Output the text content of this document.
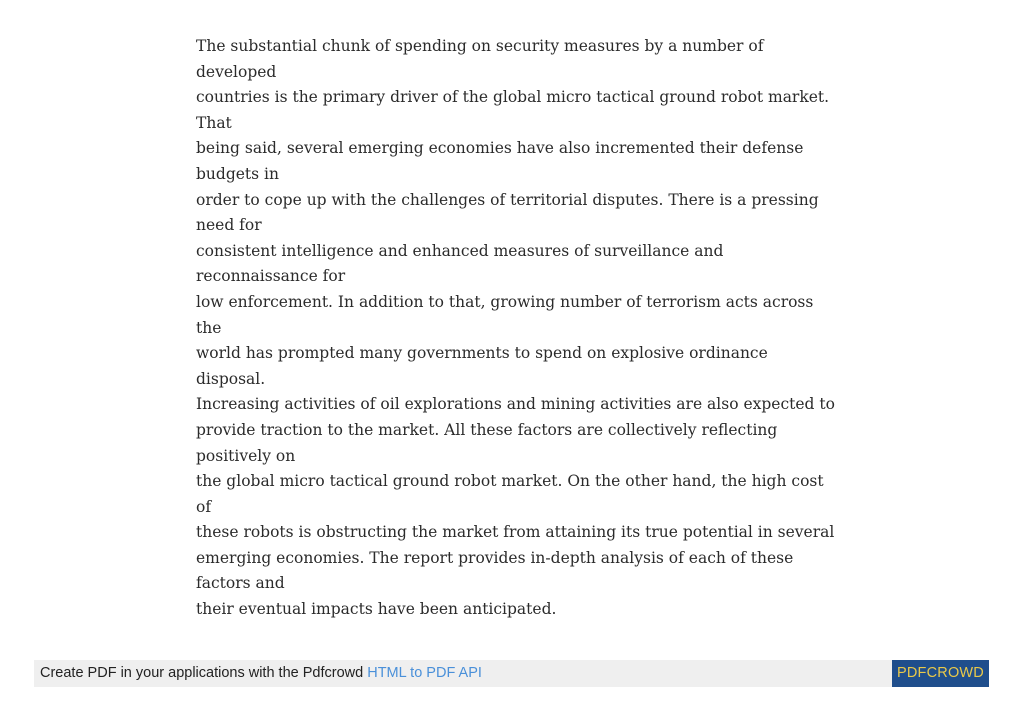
The substantial chunk of spending on security measures by a number of developed
countries is the primary driver of the global micro tactical ground robot market. That
being said, several emerging economies have also incremented their defense budgets in
order to cope up with the challenges of territorial disputes. There is a pressing need for
consistent intelligence and enhanced measures of surveillance and reconnaissance for
low enforcement. In addition to that, growing number of terrorism acts across the
world has prompted many governments to spend on explosive ordinance disposal.
Increasing activities of oil explorations and mining activities are also expected to
provide traction to the market. All these factors are collectively reflecting positively on
the global micro tactical ground robot market. On the other hand, the high cost of
these robots is obstructing the market from attaining its true potential in several
emerging economies. The report provides in-depth analysis of each of these factors and
their eventual impacts have been anticipated.

Create PDF in your applications with the Pdfcrowd HTML to PDF API	PDFCROWD
